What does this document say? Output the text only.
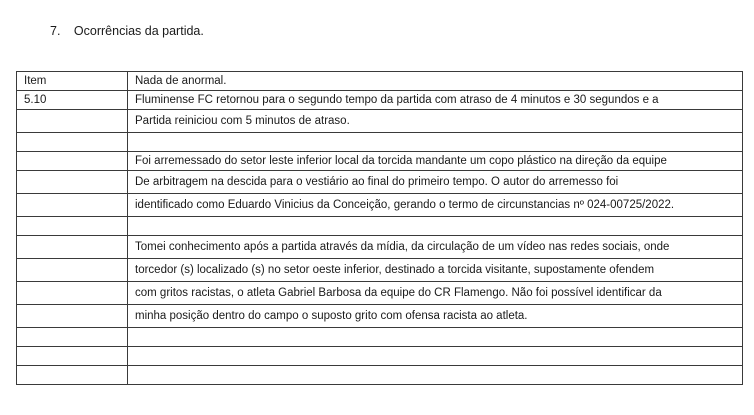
7. Ocorrências da partida.
Item	Nada de anormal.
5.10	Fluminense FC retornou para o segundo tempo da partida com atraso de 4 minutos e 30 segundos e a
	Partida reiniciou com 5 minutos de atraso.

	Foi arremessado do setor leste inferior local da torcida mandante um copo plástico na direção da equipe
	De arbitragem na descida para o vestiário ao final do primeiro tempo. O autor do arremesso foi
	identificado como Eduardo Vinicius da Conceição, gerando o termo de circunstancias nº 024-00725/2022.

	Tomei conhecimento após a partida através da mídia, da circulação de um vídeo nas redes sociais, onde
	torcedor (s) localizado (s) no setor oeste inferior, destinado a torcida visitante, supostamente ofendem
	com gritos racistas, o atleta Gabriel Barbosa da equipe do CR Flamengo. Não foi possível identificar da
	minha posição dentro do campo o suposto grito com ofensa racista ao atleta.
